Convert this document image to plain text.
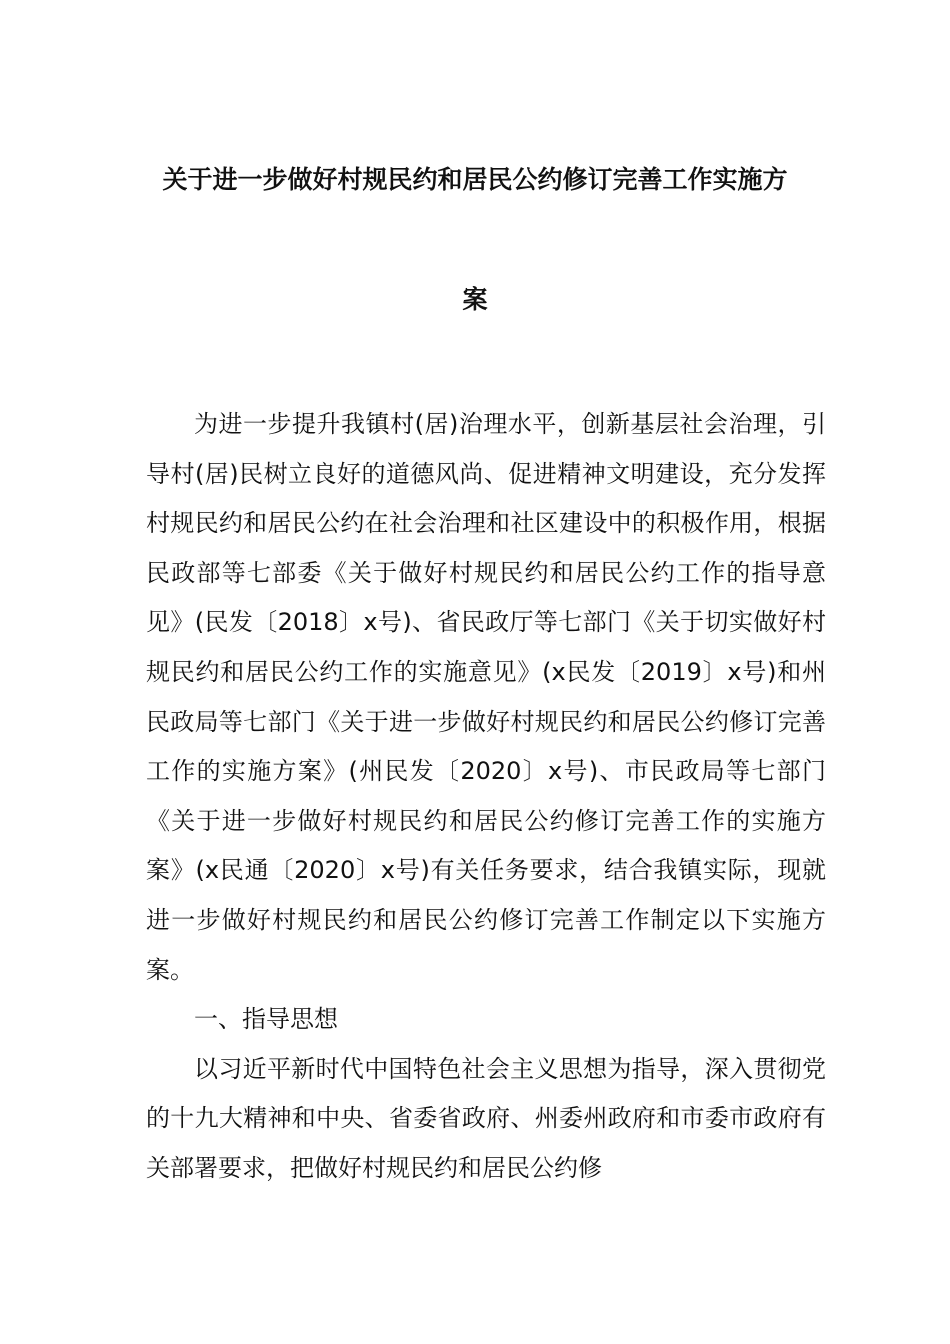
关于进一步做好村规民约和居民公约修订完善工作实施方
案

为进一步提升我镇村(居)治理水平，创新基层社会治理，引导村(居)民树立良好的道德风尚、促进精神文明建设，充分发挥村规民约和居民公约在社会治理和社区建设中的积极作用，根据民政部等七部委《关于做好村规民约和居民公约工作的指导意见》(民发〔2018〕x号)、省民政厅等七部门《关于切实做好村规民约和居民公约工作的实施意见》(x民发〔2019〕x号)和州民政局等七部门《关于进一步做好村规民约和居民公约修订完善工作的实施方案》(州民发〔2020〕x号)、市民政局等七部门《关于进一步做好村规民约和居民公约修订完善工作的实施方案》(x民通〔2020〕x号)有关任务要求，结合我镇实际，现就进一步做好村规民约和居民公约修订完善工作制定以下实施方案。

一、指导思想

以习近平新时代中国特色社会主义思想为指导，深入贯彻党的十九大精神和中央、省委省政府、州委州政府和市委市政府有关部署要求，把做好村规民约和居民公约修
